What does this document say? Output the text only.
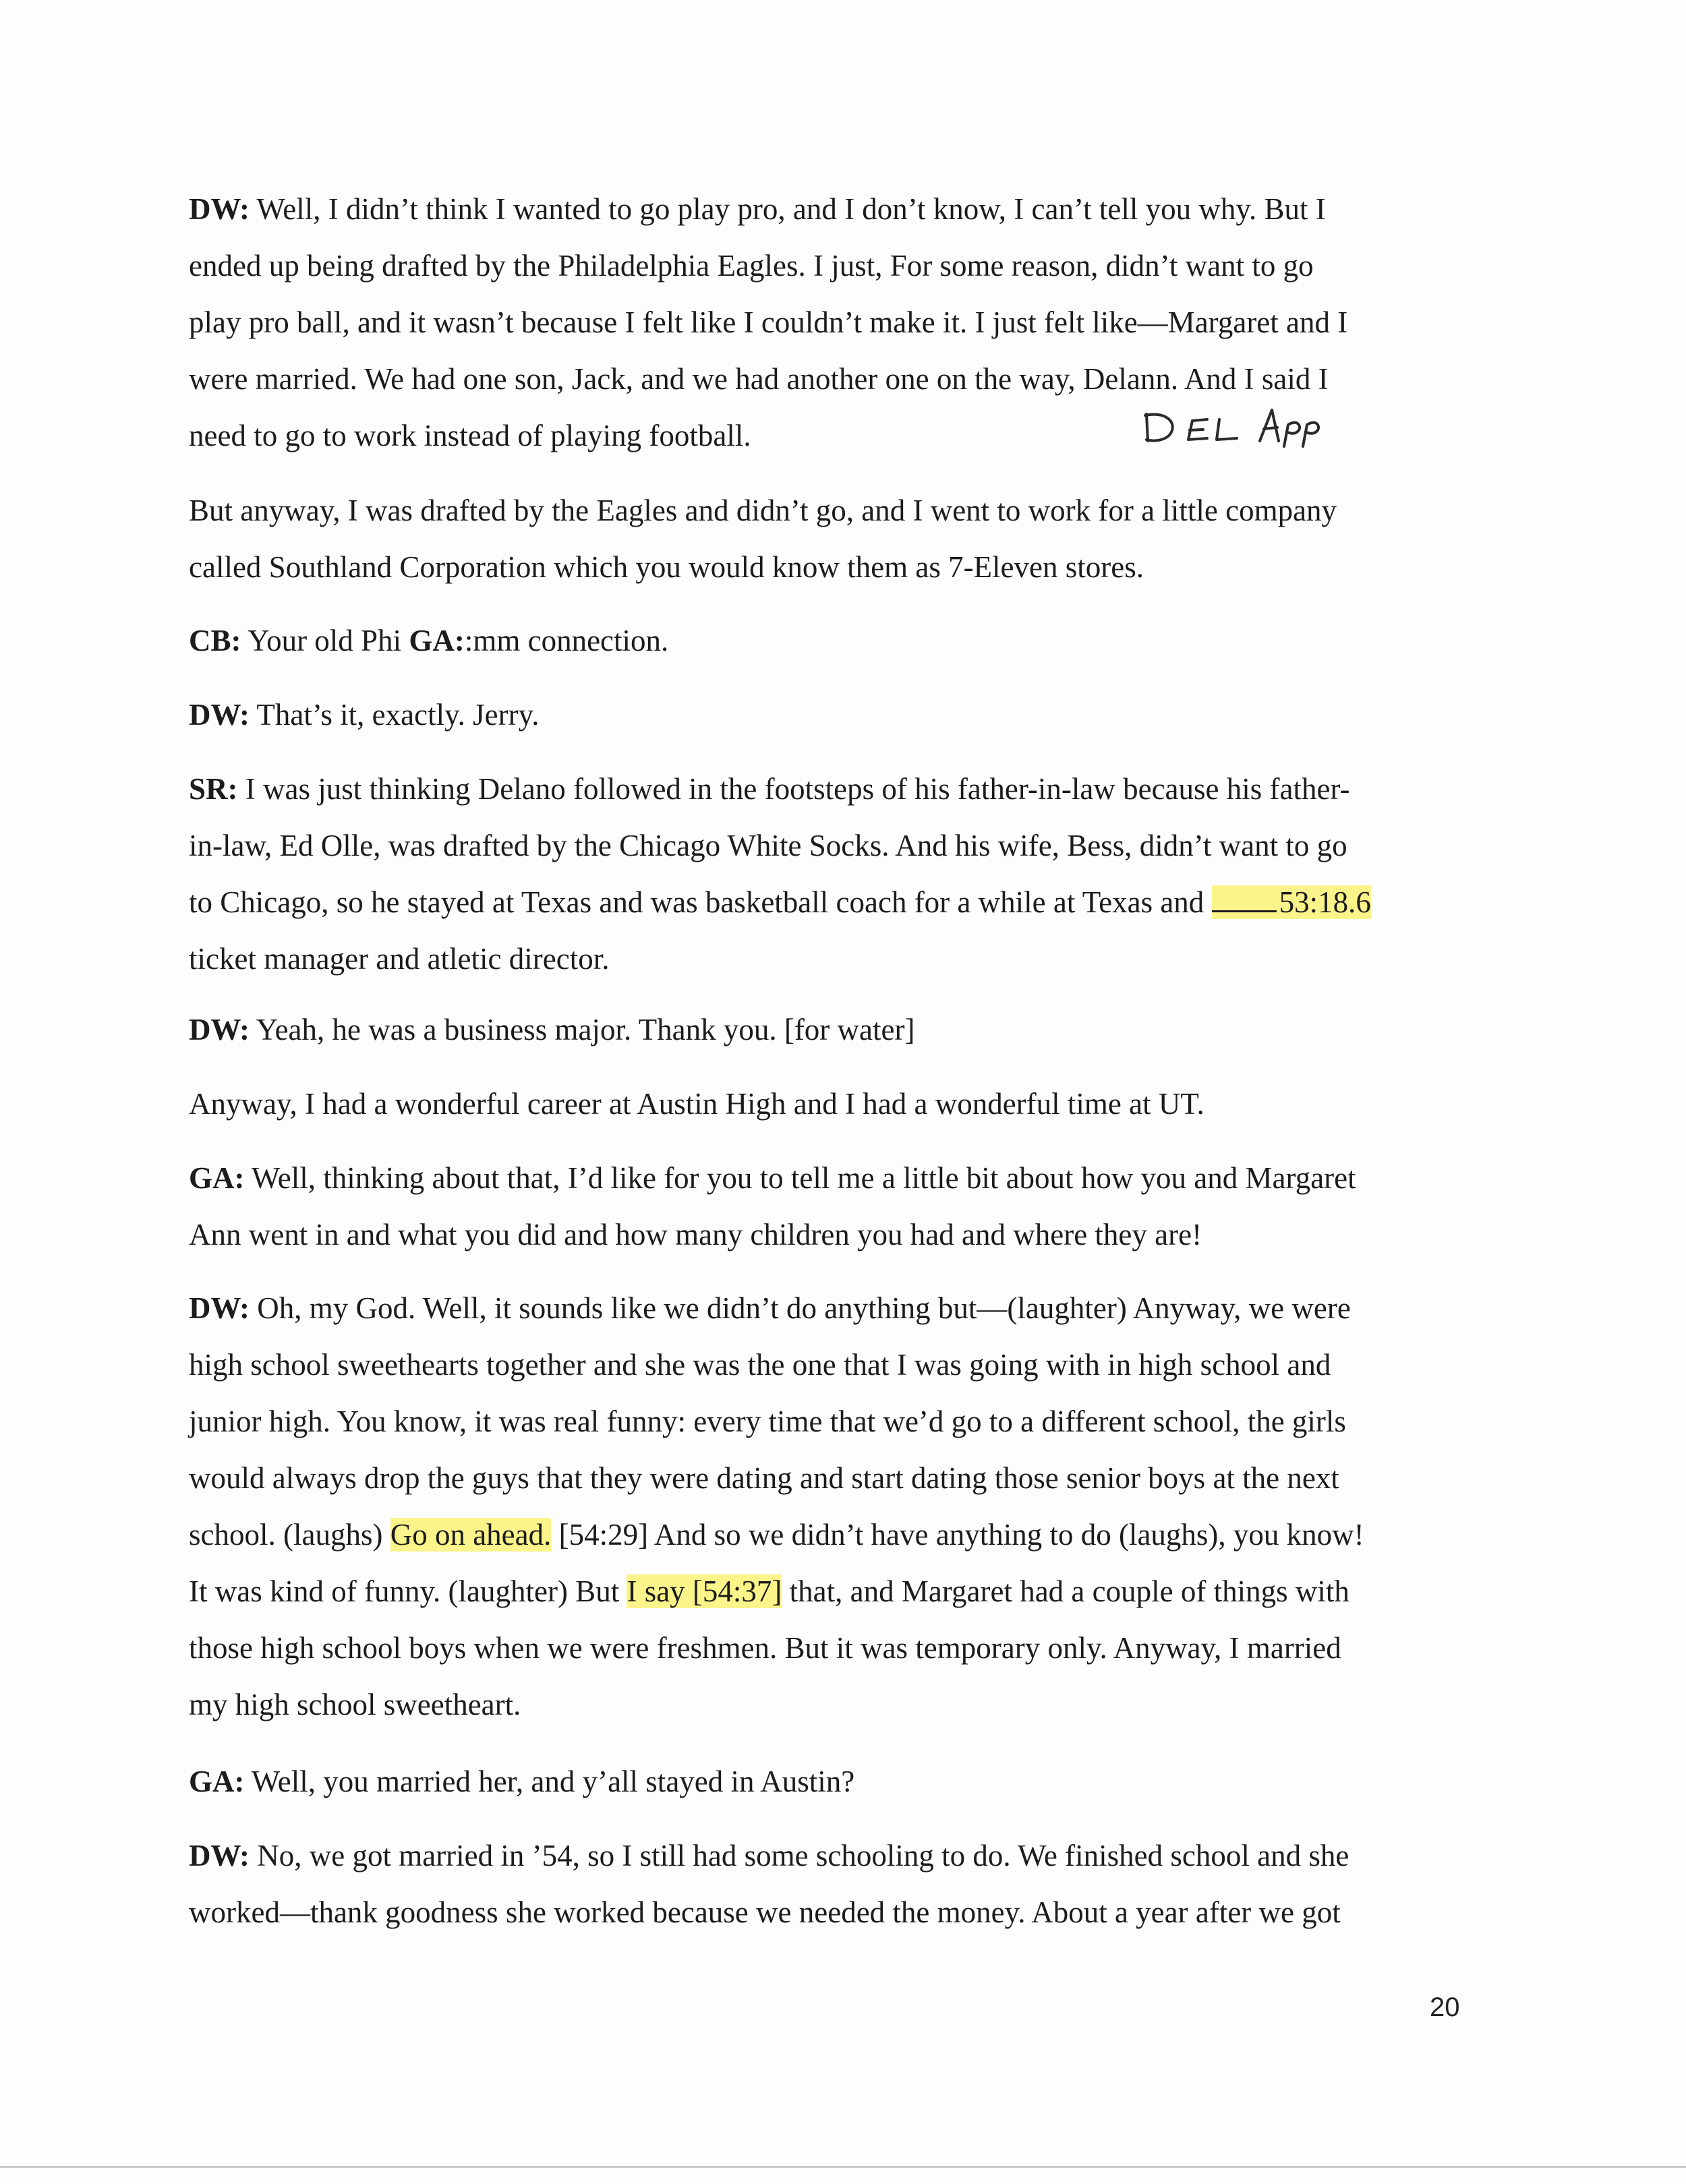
DW: Well, I didn’t think I wanted to go play pro, and I don’t know, I can’t tell you why. But I
ended up being drafted by the Philadelphia Eagles. I just, For some reason, didn’t want to go
play pro ball, and it wasn’t because I felt like I couldn’t make it. I just felt like—Margaret and I
were married. We had one son, Jack, and we had another one on the way, Delann. And I said I
need to go to work instead of playing football.

But anyway, I was drafted by the Eagles and didn’t go, and I went to work for a little company
called Southland Corporation which you would know them as 7-Eleven stores.

CB: Your old Phi GA::mm connection.

DW: That’s it, exactly. Jerry.

SR: I was just thinking Delano followed in the footsteps of his father-in-law because his father-
in-law, Ed Olle, was drafted by the Chicago White Socks. And his wife, Bess, didn’t want to go
to Chicago, so he stayed at Texas and was basketball coach for a while at Texas and 53:18.6
ticket manager and atletic director.

DW: Yeah, he was a business major. Thank you. [for water]

Anyway, I had a wonderful career at Austin High and I had a wonderful time at UT.

GA: Well, thinking about that, I’d like for you to tell me a little bit about how you and Margaret
Ann went in and what you did and how many children you had and where they are!

DW: Oh, my God. Well, it sounds like we didn’t do anything but—(laughter) Anyway, we were
high school sweethearts together and she was the one that I was going with in high school and
junior high. You know, it was real funny: every time that we’d go to a different school, the girls
would always drop the guys that they were dating and start dating those senior boys at the next
school. (laughs) Go on ahead. [54:29] And so we didn’t have anything to do (laughs), you know!
It was kind of funny. (laughter) But I say [54:37] that, and Margaret had a couple of things with
those high school boys when we were freshmen. But it was temporary only. Anyway, I married
my high school sweetheart.

GA: Well, you married her, and y’all stayed in Austin?

DW: No, we got married in ’54, so I still had some schooling to do. We finished school and she
worked—thank goodness she worked because we needed the money. About a year after we got

20
